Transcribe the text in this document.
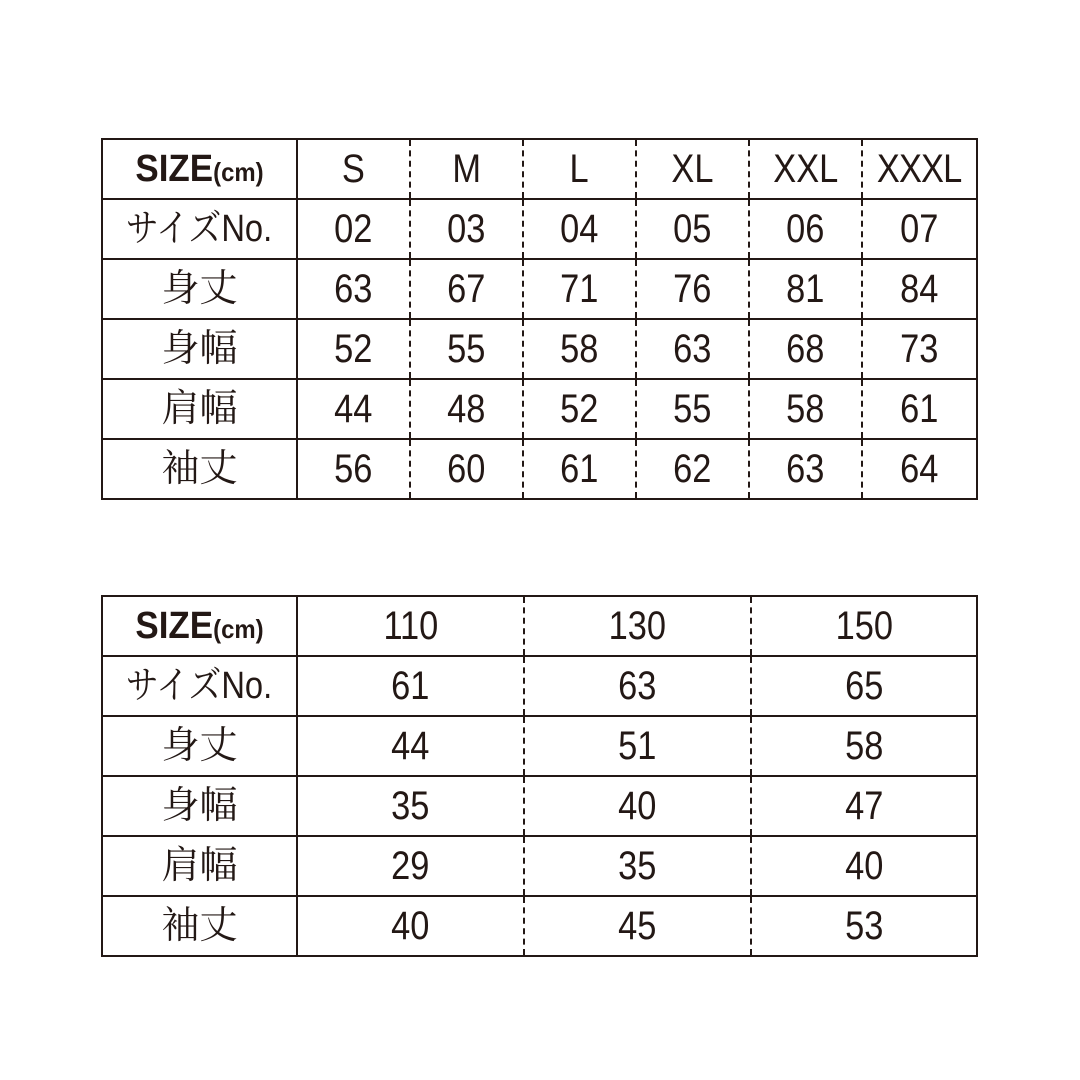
SIZE(cm)	S	M	L	XL	XXL	XXXL
サイズNo.	02	03	04	05	06	07
身丈	63	67	71	76	81	84
身幅	52	55	58	63	68	73
肩幅	44	48	52	55	58	61
袖丈	56	60	61	62	63	64
SIZE(cm)	110	130	150
サイズNo.	61	63	65
身丈	44	51	58
身幅	35	40	47
肩幅	29	35	40
袖丈	40	45	53
